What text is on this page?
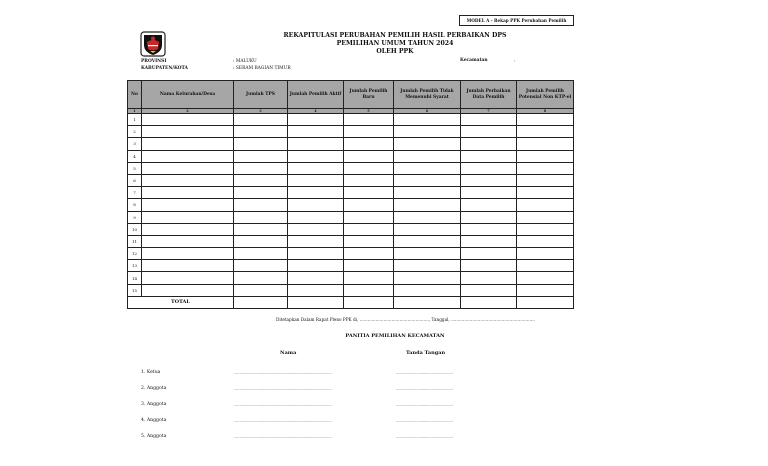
MODEL A - Rekap PPK Perubahan Pemilih
REKAPITULASI PERUBAHAN PEMILIH HASIL PERBAIKAN DPS
PEMILIHAN UMUM TAHUN 2024
OLEH PPK
PROVINSI	: MALUKU
KABUPATEN/KOTA	: SERAM BAGIAN TIMUR
Kecamatan	,
No	Nama Kelurahan/Desa	Jumlah TPS	Jumlah Pemilih Aktif	Jumlah Pemilih Baru	Jumlah Pemilih Tidak Memenuhi Syarat	Jumlah Perbaikan Data Pemilih	Jumlah Pemilih Potensial Non KTP-el
1	2	3	4	5	6	7	8
1							
2							
3							
4							
5							
6							
7							
8							
9							
10							
11							
12							
13							
14							
15							
TOTAL							
Ditetapkan Dalam Rapat Pleno PPK di, ...................................................., Tanggal, ...............................................................
PANITIA PEMILIHAN KECAMATAN
Nama	Tanda Tangan
1. Ketua	...........................................................................................	.....................................................
2. Anggota	...........................................................................................	.....................................................
3. Anggota	...........................................................................................	.....................................................
4. Anggota	...........................................................................................	.....................................................
5. Anggota	...........................................................................................	.....................................................
